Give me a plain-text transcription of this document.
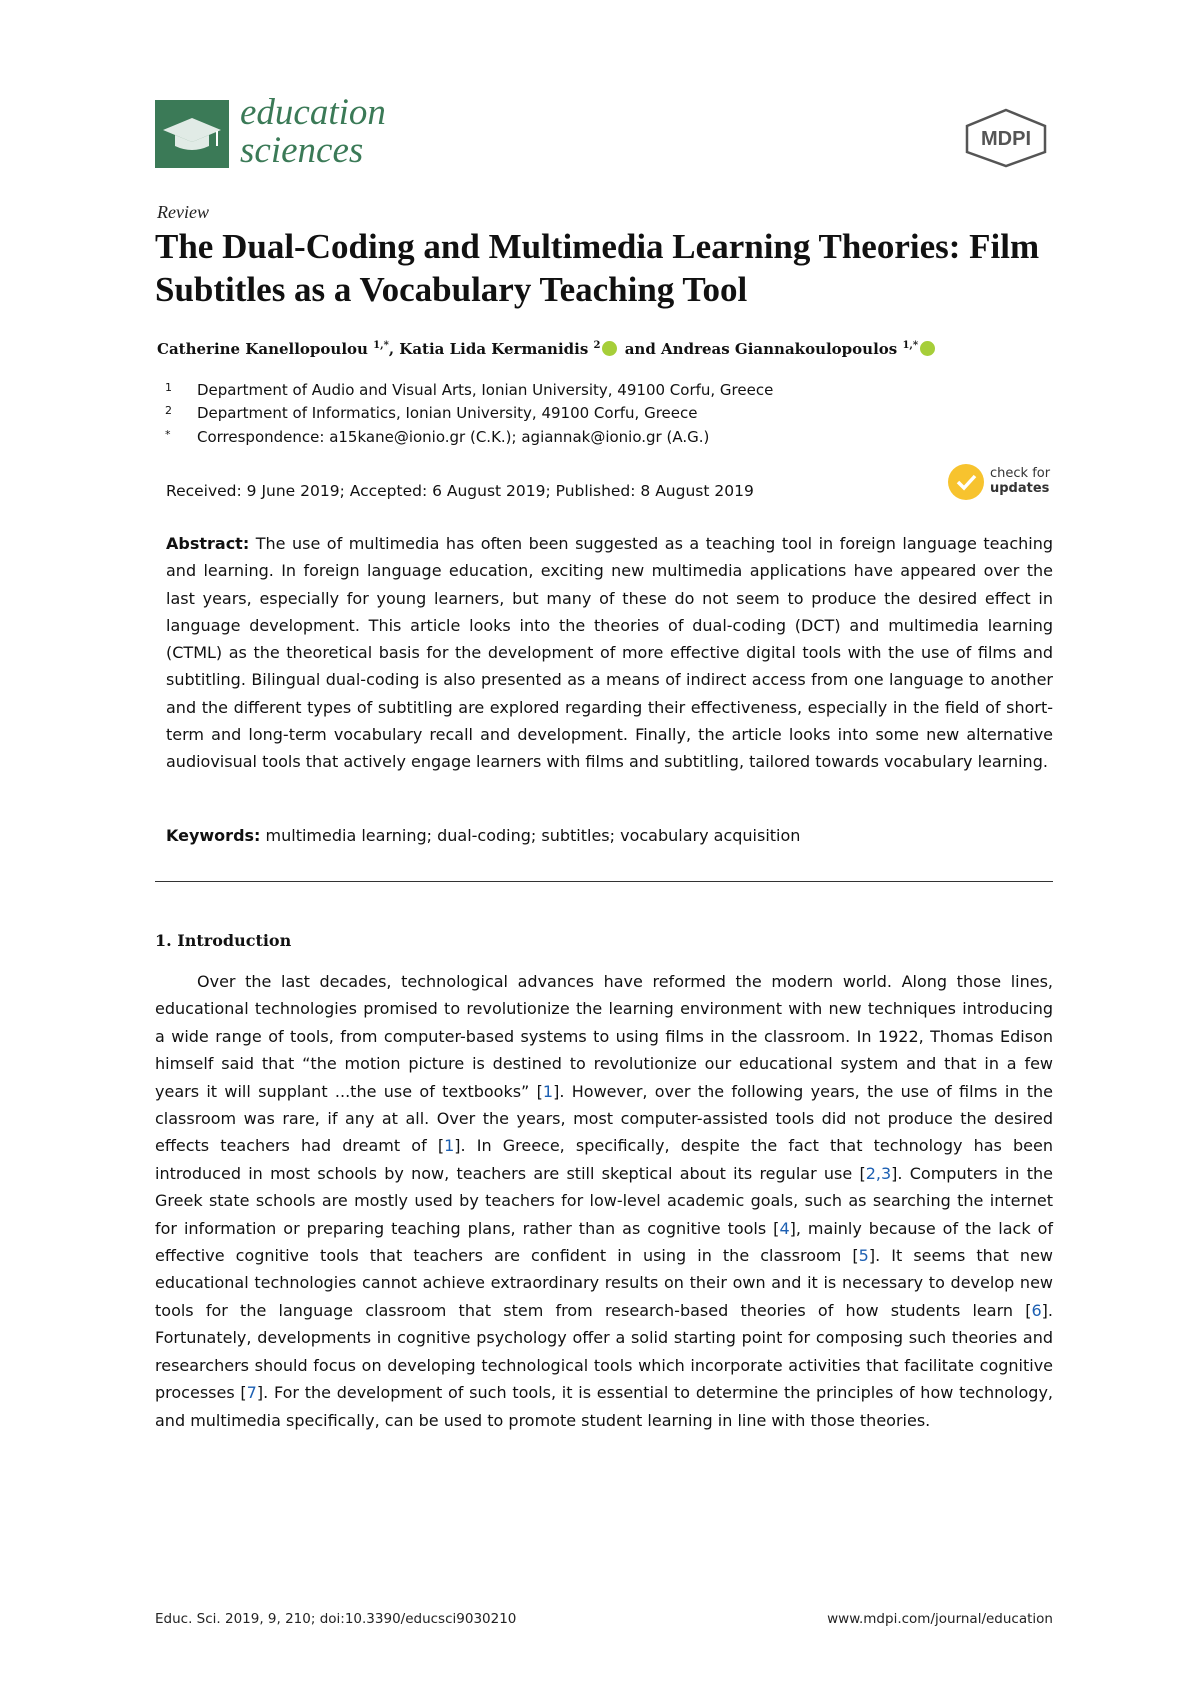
education
sciences	MDPI
Review
The Dual-Coding and Multimedia Learning Theories: Film Subtitles as a Vocabulary Teaching Tool
Catherine Kanellopoulou $^{1,*}$, Katia Lida Kermanidis $^2$ and Andreas Giannakoulopoulos $^{1,*}$
1 Department of Audio and Visual Arts, Ionian University, 49100 Corfu, Greece
2 Department of Informatics, Ionian University, 49100 Corfu, Greece
* Correspondence: a15kane@ionio.gr (C.K.); agiannak@ionio.gr (A.G.)
Received: 9 June 2019; Accepted: 6 August 2019; Published: 8 August 2019
check for
updates

Abstract: The use of multimedia has often been suggested as a teaching tool in foreign language teaching and learning. In foreign language education, exciting new multimedia applications have appeared over the last years, especially for young learners, but many of these do not seem to produce the desired effect in language development. This article looks into the theories of dual-coding (DCT) and multimedia learning (CTML) as the theoretical basis for the development of more effective digital tools with the use of films and subtitling. Bilingual dual-coding is also presented as a means of indirect access from one language to another and the different types of subtitling are explored regarding their effectiveness, especially in the field of short-term and long-term vocabulary recall and development. Finally, the article looks into some new alternative audiovisual tools that actively engage learners with films and subtitling, tailored towards vocabulary learning.

Keywords: multimedia learning; dual-coding; subtitles; vocabulary acquisition
1. Introduction

Over the last decades, technological advances have reformed the modern world. Along those lines, educational technologies promised to revolutionize the learning environment with new techniques introducing a wide range of tools, from computer-based systems to using films in the classroom. In 1922, Thomas Edison himself said that “the motion picture is destined to revolutionize our educational system and that in a few years it will supplant ...the use of textbooks” [1]. However, over the following years, the use of films in the classroom was rare, if any at all. Over the years, most computer-assisted tools did not produce the desired effects teachers had dreamt of [1]. In Greece, specifically, despite the fact that technology has been introduced in most schools by now, teachers are still skeptical about its regular use [2,3]. Computers in the Greek state schools are mostly used by teachers for low-level academic goals, such as searching the internet for information or preparing teaching plans, rather than as cognitive tools [4], mainly because of the lack of effective cognitive tools that teachers are confident in using in the classroom [5]. It seems that new educational technologies cannot achieve extraordinary results on their own and it is necessary to develop new tools for the language classroom that stem from research-based theories of how students learn [6]. Fortunately, developments in cognitive psychology offer a solid starting point for composing such theories and researchers should focus on developing technological tools which incorporate activities that facilitate cognitive processes [7]. For the development of such tools, it is essential to determine the principles of how technology, and multimedia specifically, can be used to promote student learning in line with those theories.

Educ. Sci. 2019, 9, 210; doi:10.3390/educsci9030210	www.mdpi.com/journal/education
